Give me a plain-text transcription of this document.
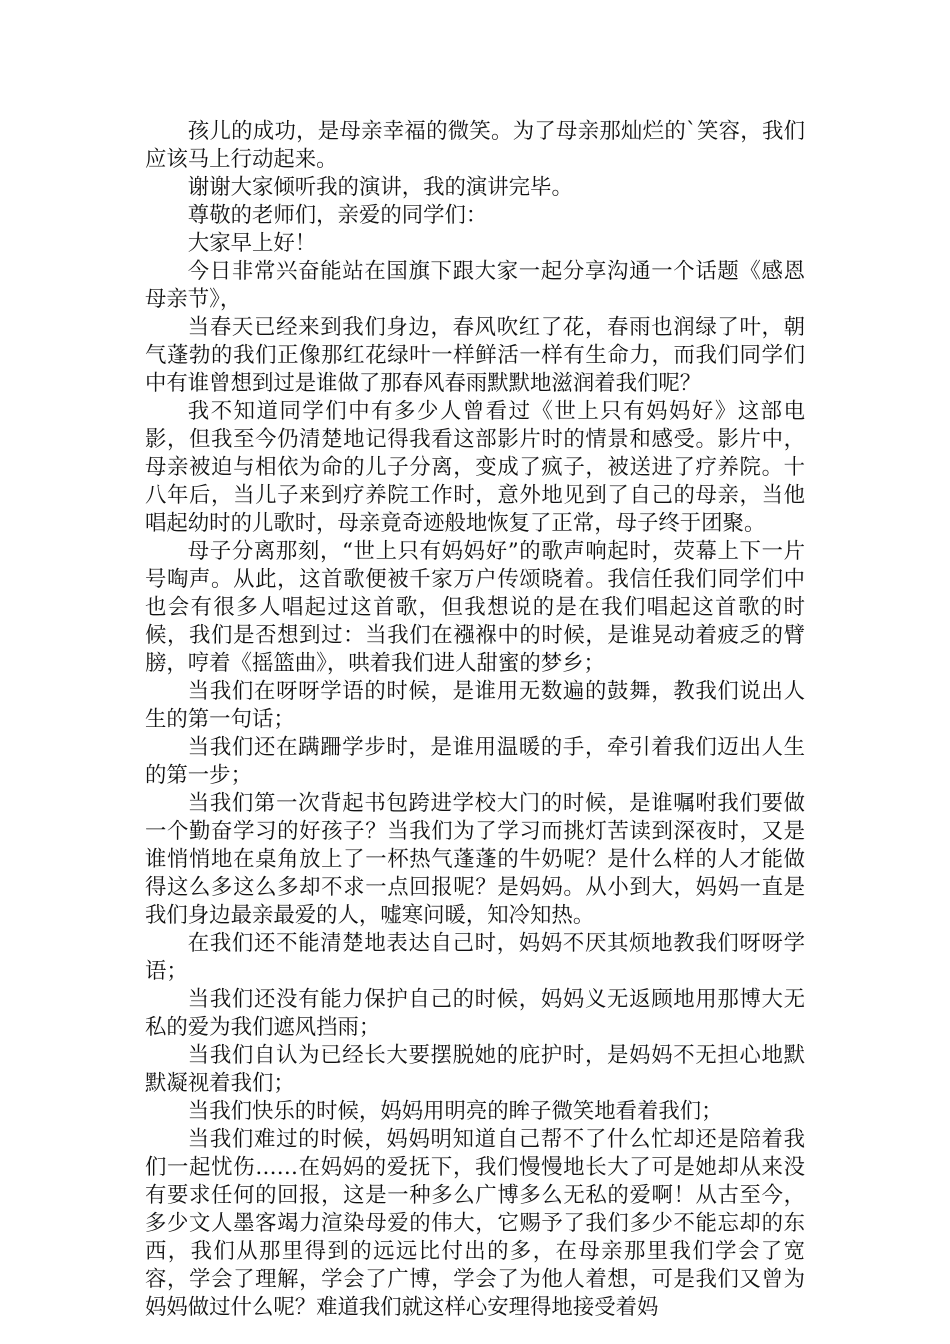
孩儿的成功，是母亲幸福的微笑。为了母亲那灿烂的`笑容，我们应该马上行动起来。

谢谢大家倾听我的演讲，我的演讲完毕。

尊敬的老师们，亲爱的同学们：

大家早上好！

今日非常兴奋能站在国旗下跟大家一起分享沟通一个话题《感恩母亲节》，

当春天已经来到我们身边，春风吹红了花，春雨也润绿了叶，朝气蓬勃的我们正像那红花绿叶一样鲜活一样有生命力，而我们同学们中有谁曾想到过是谁做了那春风春雨默默地滋润着我们呢？

我不知道同学们中有多少人曾看过《世上只有妈妈好》这部电影，但我至今仍清楚地记得我看这部影片时的情景和感受。影片中，母亲被迫与相依为命的儿子分离，变成了疯子，被送进了疗养院。十八年后，当儿子来到疗养院工作时，意外地见到了自己的母亲，当他唱起幼时的儿歌时，母亲竟奇迹般地恢复了正常，母子终于团聚。

母子分离那刻，“世上只有妈妈好”的歌声响起时，荧幕上下一片号啕声。从此，这首歌便被千家万户传颂晓着。我信任我们同学们中也会有很多人唱起过这首歌，但我想说的是在我们唱起这首歌的时候，我们是否想到过：当我们在襁褓中的时候，是谁晃动着疲乏的臂膀，哼着《摇篮曲》，哄着我们进人甜蜜的梦乡；

当我们在呀呀学语的时候，是谁用无数遍的鼓舞，教我们说出人生的第一句话；

当我们还在蹒跚学步时，是谁用温暖的手，牵引着我们迈出人生的第一步；

当我们第一次背起书包跨进学校大门的时候，是谁嘱咐我们要做一个勤奋学习的好孩子？当我们为了学习而挑灯苦读到深夜时，又是谁悄悄地在桌角放上了一杯热气蓬蓬的牛奶呢？是什么样的人才能做得这么多这么多却不求一点回报呢？是妈妈。从小到大，妈妈一直是我们身边最亲最爱的人，嘘寒问暖，知冷知热。

在我们还不能清楚地表达自己时，妈妈不厌其烦地教我们呀呀学语；

当我们还没有能力保护自己的时候，妈妈义无返顾地用那博大无私的爱为我们遮风挡雨；

当我们自认为已经长大要摆脱她的庇护时，是妈妈不无担心地默默凝视着我们；

当我们快乐的时候，妈妈用明亮的眸子微笑地看着我们；

当我们难过的时候，妈妈明知道自己帮不了什么忙却还是陪着我们一起忧伤……在妈妈的爱抚下，我们慢慢地长大了可是她却从来没有要求任何的回报，这是一种多么广博多么无私的爱啊！从古至今，多少文人墨客竭力渲染母爱的伟大，它赐予了我们多少不能忘却的东西，我们从那里得到的远远比付出的多，在母亲那里我们学会了宽容，学会了理解，学会了广博，学会了为他人着想，可是我们又曾为妈妈做过什么呢？难道我们就这样心安理得地接受着妈
